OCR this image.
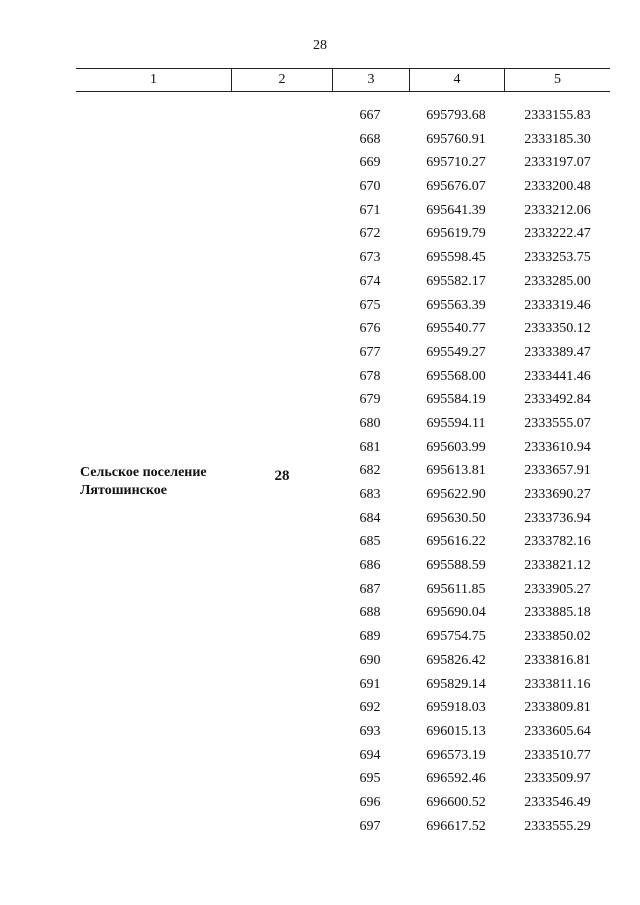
28
1	2	3	4	5
Сельское поселение
Лятошинское
28
667	695793.68	2333155.83
668	695760.91	2333185.30
669	695710.27	2333197.07
670	695676.07	2333200.48
671	695641.39	2333212.06
672	695619.79	2333222.47
673	695598.45	2333253.75
674	695582.17	2333285.00
675	695563.39	2333319.46
676	695540.77	2333350.12
677	695549.27	2333389.47
678	695568.00	2333441.46
679	695584.19	2333492.84
680	695594.11	2333555.07
681	695603.99	2333610.94
682	695613.81	2333657.91
683	695622.90	2333690.27
684	695630.50	2333736.94
685	695616.22	2333782.16
686	695588.59	2333821.12
687	695611.85	2333905.27
688	695690.04	2333885.18
689	695754.75	2333850.02
690	695826.42	2333816.81
691	695829.14	2333811.16
692	695918.03	2333809.81
693	696015.13	2333605.64
694	696573.19	2333510.77
695	696592.46	2333509.97
696	696600.52	2333546.49
697	696617.52	2333555.29
